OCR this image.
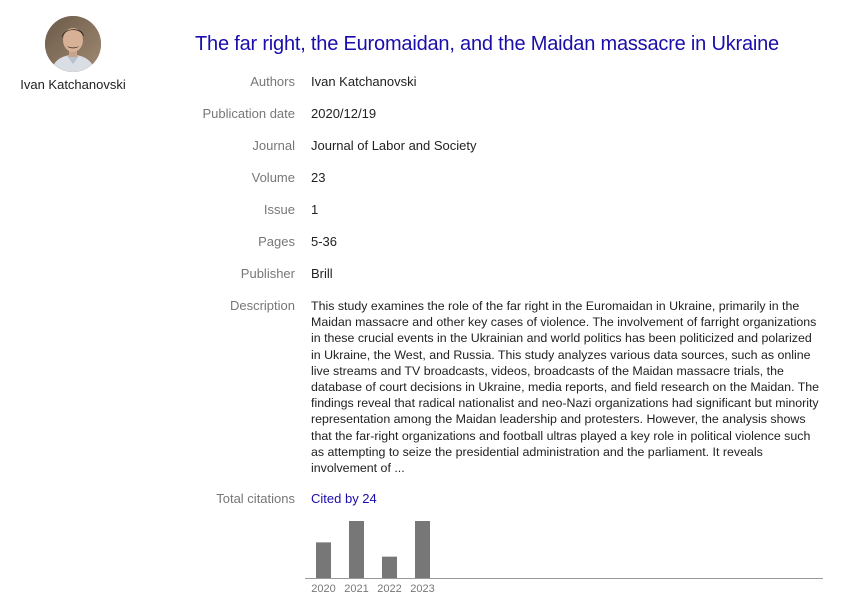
Ivan Katchanovski
The far right, the Euromaidan, and the Maidan massacre in Ukraine
Authors Ivan Katchanovski
Publication date 2020/12/19
Journal Journal of Labor and Society
Volume 23
Issue 1
Pages 5-36
Publisher Brill
Description This study examines the role of the far right in the Euromaidan in Ukraine, primarily in the Maidan massacre and other key cases of violence. The involvement of farright organizations in these crucial events in the Ukrainian and world politics has been politicized and polarized in Ukraine, the West, and Russia. This study analyzes various data sources, such as online live streams and TV broadcasts, videos, broadcasts of the Maidan massacre trials, the database of court decisions in Ukraine, media reports, and field research on the Maidan. The findings reveal that radical nationalist and neo-Nazi organizations had significant but minority representation among the Maidan leadership and protesters. However, the analysis shows that the far-right organizations and football ultras played a key role in political violence such as attempting to seize the presidential administration and the parliament. It reveals involvement of ...
Total citations Cited by 24
2020 2021 2022 2023
